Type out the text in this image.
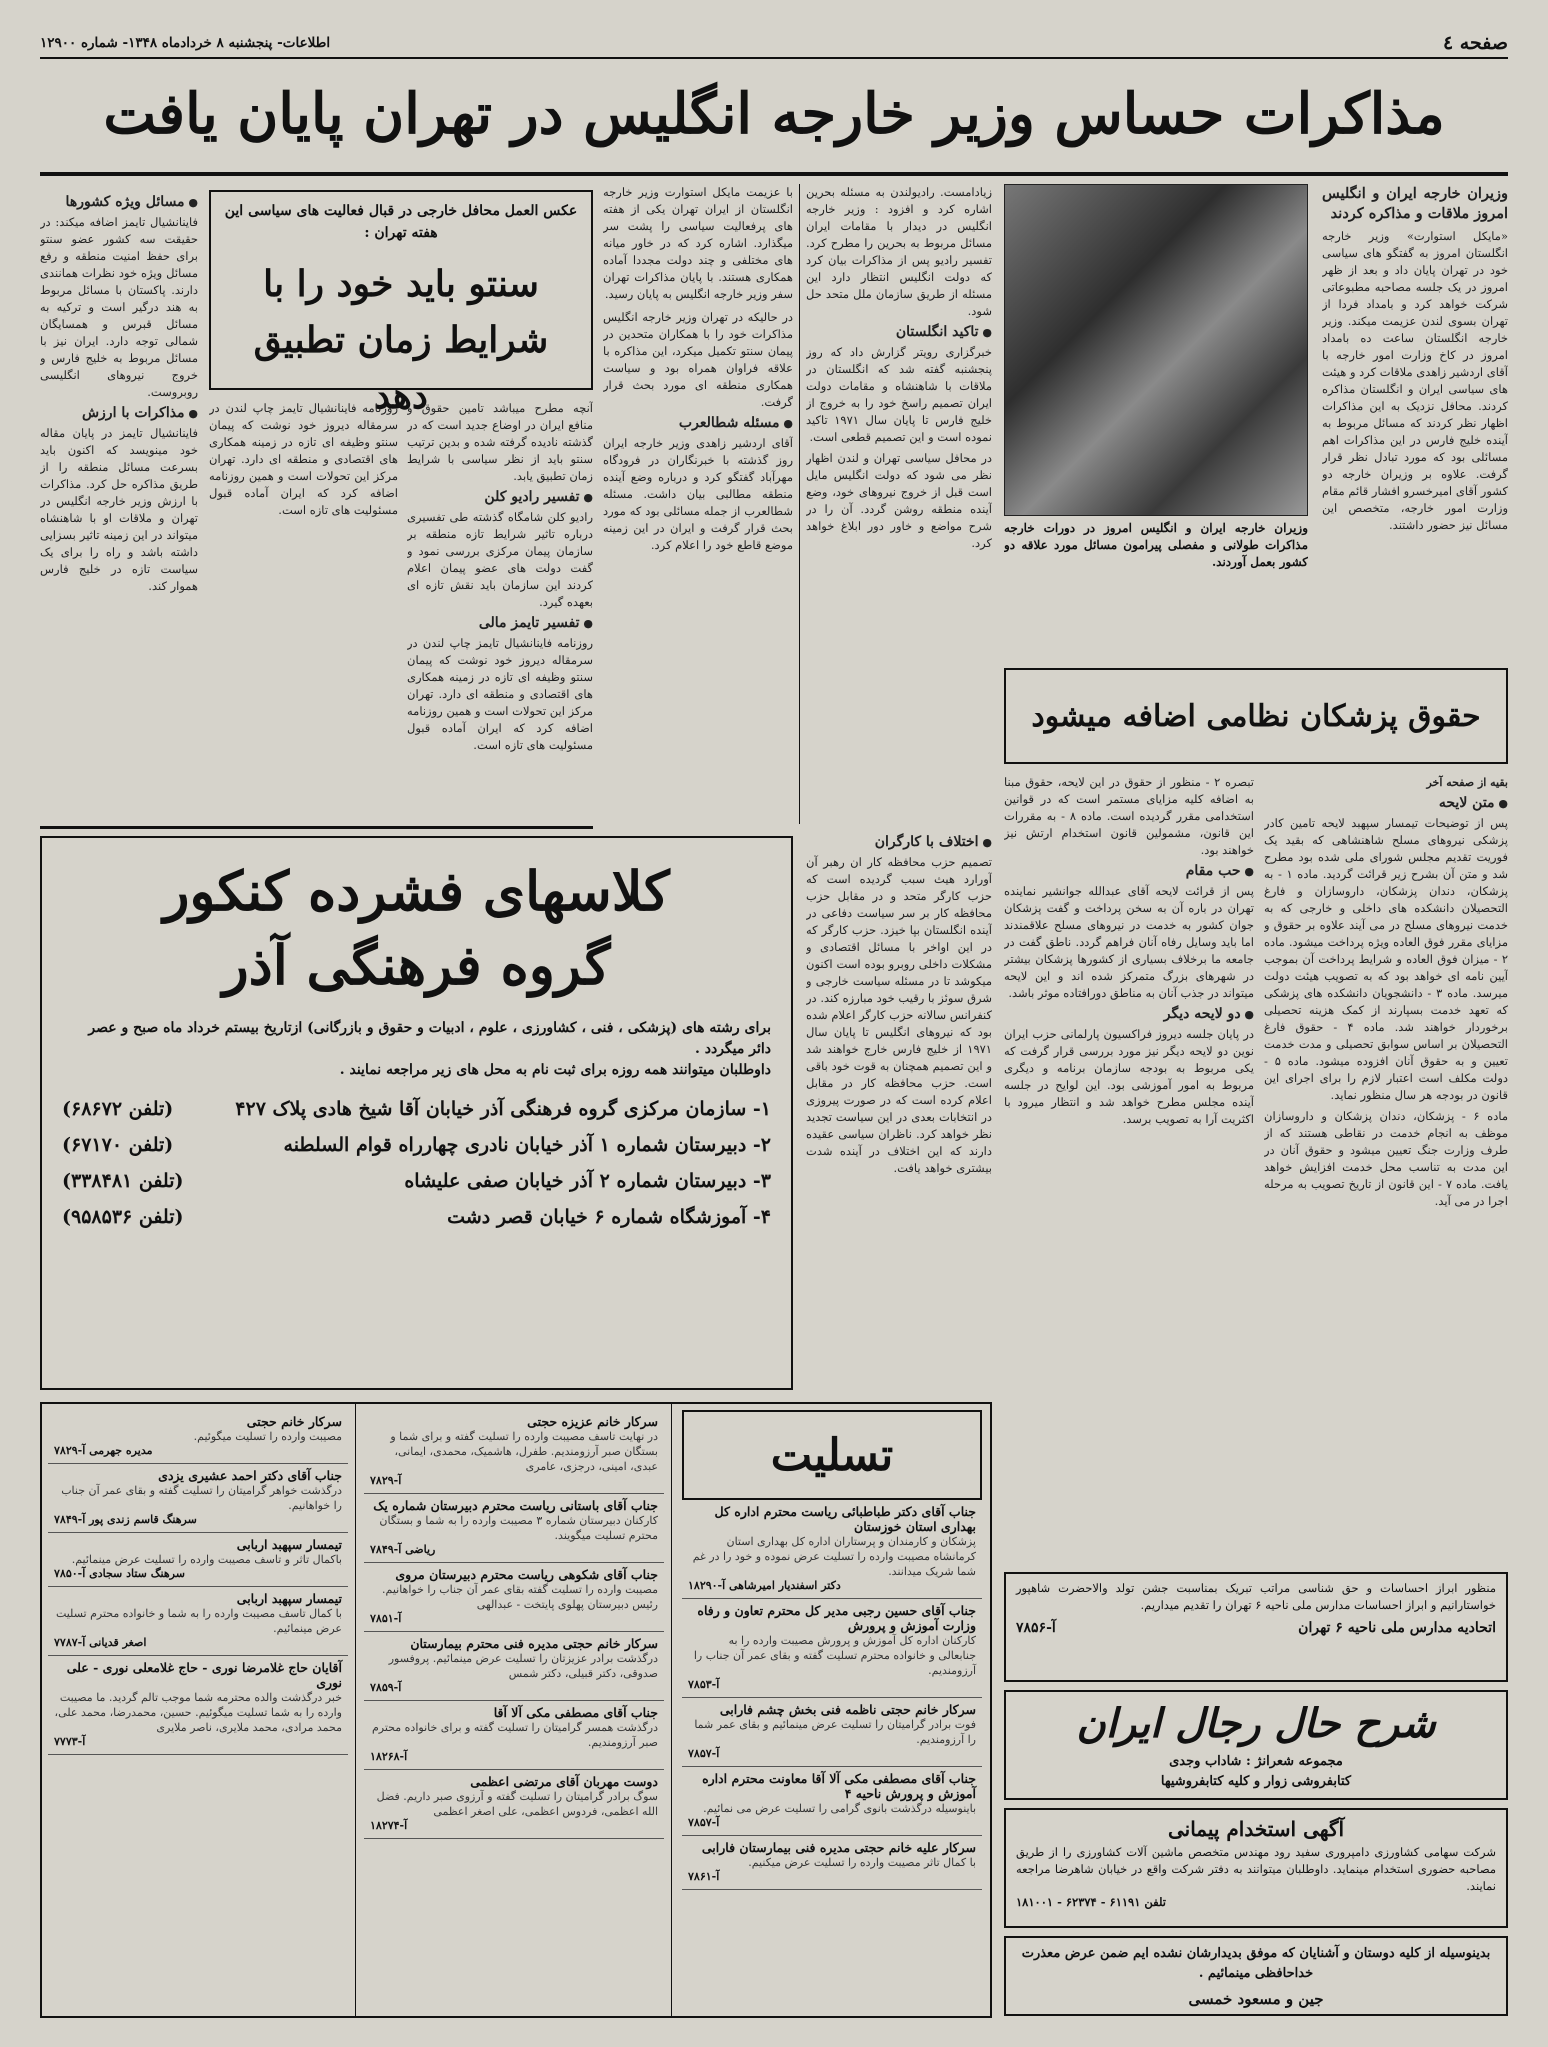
صفحه ٤
اطلاعات- پنجشنبه ۸ خردادماه ۱۳۴۸- شماره ۱۲۹۰۰
مذاکرات حساس وزیر خارجه انگلیس در تهران پایان یافت
وزیران خارجه ایران و انگلیس امروز ملاقات و مذاکره کردند
«مایکل استوارت» وزیر خارجه انگلستان امروز به گفتگو های سیاسی خود در تهران پایان داد و بعد از ظهر امروز در یک جلسه مصاحبه مطبوعاتی شرکت خواهد کرد و بامداد فردا از تهران بسوی لندن عزیمت میکند. وزیر خارجه انگلستان ساعت ده بامداد امروز در کاخ وزارت امور خارجه با آقای اردشیر زاهدی ملاقات کرد و هیئت های سیاسی ایران و انگلستان مذاکره کردند. محافل نزدیک به این مذاکرات اظهار نظر کردند که مسائل مربوط به آینده خلیج فارس در این مذاکرات اهم مسائلی بود که مورد تبادل نظر قرار گرفت. علاوه بر وزیران خارجه دو کشور آقای امیرخسرو افشار قائم مقام وزارت امور خارجه، متخصص این مسائل نیز حضور داشتند.
وزیران خارجه ایران و انگلیس امروز در دورات خارجه مذاکرات طولانی و مفصلی پیرامون مسائل مورد علاقه دو کشور بعمل آوردند.
زیادامست. رادیولندن به مسئله بحرین اشاره کرد و افزود : وزیر خارجه انگلیس در دیدار با مقامات ایران مسائل مربوط به بحرین را مطرح کرد. تفسیر رادیو پس از مذاکرات بیان کرد که دولت انگلیس انتظار دارد این مسئله از طریق سازمان ملل متحد حل شود.
● تاکید انگلستان
خبرگزاری رویتر گزارش داد که روز پنجشنبه گفته شد که انگلستان در ملاقات با شاهنشاه و مقامات دولت ایران تصمیم راسخ خود را به خروج از خلیج فارس تا پایان سال ۱۹۷۱ تاکید نموده است و این تصمیم قطعی است.
در محافل سیاسی تهران و لندن اظهار نظر می شود که دولت انگلیس مایل است قبل از خروج نیروهای خود، وضع آینده منطقه روشن گردد. آن را در شرح مواضع و خاور دور ابلاغ خواهد کرد.
با عزیمت مایکل استوارت وزیر خارجه انگلستان از ایران تهران یکی از هفته های پرفعالیت سیاسی را پشت سر میگذارد. اشاره کرد که در خاور میانه های مختلفی و چند دولت مجددا آماده همکاری هستند. با پایان مذاکرات تهران سفر وزیر خارجه انگلیس به پایان رسید.
در حالیکه در تهران وزیر خارجه انگلیس مذاکرات خود را با همکاران متحدین در پیمان سنتو تکمیل میکرد، این مذاکره با علاقه فراوان همراه بود و سیاست همکاری منطقه ای مورد بحث قرار گرفت.
● مسئله شطالعرب
آقای اردشیر زاهدی وزیر خارجه ایران روز گذشته با خبرنگاران در فرودگاه مهرآباد گفتگو کرد و درباره وضع آینده منطقه مطالبی بیان داشت. مسئله شطالعرب از جمله مسائلی بود که مورد بحث قرار گرفت و ایران در این زمینه موضع قاطع خود را اعلام کرد.
عکس العمل محافل خارجی در قبال فعالیت های سیاسی این هفته تهران :
سنتو باید خود را با شرایط زمان تطبیق دهد
آنچه مطرح میباشد تامین حقوق و منافع ایران در اوضاع جدید است که در گذشته نادیده گرفته شده و بدین ترتیب سنتو باید از نظر سیاسی با شرایط زمان تطبیق یابد.
● تفسیر رادیو کلن
رادیو کلن شامگاه گذشته طی تفسیری درباره تاثیر شرایط تازه منطقه بر سازمان پیمان مرکزی بررسی نمود و گفت دولت های عضو پیمان اعلام کردند این سازمان باید نقش تازه ای بعهده گیرد.
● تفسیر تایمز مالی
روزنامه فاینانشیال تایمز چاپ لندن در سرمقاله دیروز خود نوشت که پیمان سنتو وظیفه ای تازه در زمینه همکاری های اقتصادی و منطقه ای دارد. تهران مرکز این تحولات است و همین روزنامه اضافه کرد که ایران آماده قبول مسئولیت های تازه است.
روزنامه فاینانشیال تایمز چاپ لندن در سرمقاله دیروز خود نوشت که پیمان سنتو وظیفه ای تازه در زمینه همکاری های اقتصادی و منطقه ای دارد. تهران مرکز این تحولات است و همین روزنامه اضافه کرد که ایران آماده قبول مسئولیت های تازه است.
● مسائل ویژه کشورها
فاینانشیال تایمز اضافه میکند: در حقیقت سه کشور عضو سنتو برای حفظ امنیت منطقه و رفع مسائل ویژه خود نظرات همانندی دارند. پاکستان با مسائل مربوط به هند درگیر است و ترکیه به مسائل قبرس و همسایگان شمالی توجه دارد. ایران نیز با مسائل مربوط به خلیج فارس و خروج نیروهای انگلیسی روبروست.
● مذاکرات با ارزش
فاینانشیال تایمز در پایان مقاله خود مینویسد که اکنون باید بسرعت مسائل منطقه را از طریق مذاکره حل کرد. مذاکرات با ارزش وزیر خارجه انگلیس در تهران و ملاقات او با شاهنشاه میتواند در این زمینه تاثیر بسزایی داشته باشد و راه را برای یک سیاست تازه در خلیج فارس هموار کند.
حقوق پزشکان نظامی اضافه میشود
بقیه از صفحه آخر
● متن لایحه
پس از توضیحات تیمسار سپهبد لایحه تامین کادر پزشکی نیروهای مسلح شاهنشاهی که بقید یک فوریت تقدیم مجلس شورای ملی شده بود مطرح شد و متن آن بشرح زیر قرائت گردید. ماده ۱ - به پزشکان، دندان پزشکان، داروسازان و فارغ التحصیلان دانشکده های داخلی و خارجی که به خدمت نیروهای مسلح در می آیند علاوه بر حقوق و مزایای مقرر فوق العاده ویژه پرداخت میشود. ماده ۲ - میزان فوق العاده و شرایط پرداخت آن بموجب آیین نامه ای خواهد بود که به تصویب هیئت دولت میرسد. ماده ۳ - دانشجویان دانشکده های پزشکی که تعهد خدمت بسپارند از کمک هزینه تحصیلی برخوردار خواهند شد. ماده ۴ - حقوق فارغ التحصیلان بر اساس سوابق تحصیلی و مدت خدمت تعیین و به حقوق آنان افزوده میشود. ماده ۵ - دولت مکلف است اعتبار لازم را برای اجرای این قانون در بودجه هر سال منظور نماید.
ماده ۶ - پزشکان، دندان پزشکان و داروسازان موظف به انجام خدمت در نقاطی هستند که از طرف وزارت جنگ تعیین میشود و حقوق آنان در این مدت به تناسب محل خدمت افزایش خواهد یافت. ماده ۷ - این قانون از تاریخ تصویب به مرحله اجرا در می آید.
تبصره ۲ - منظور از حقوق در این لایحه، حقوق مبنا به اضافه کلیه مزایای مستمر است که در قوانین استخدامی مقرر گردیده است. ماده ۸ - به مقررات این قانون، مشمولین قانون استخدام ارتش نیز خواهند بود.
● حب مقام
پس از قرائت لایحه آقای عبدالله جوانشیر نماینده تهران در باره آن به سخن پرداخت و گفت پزشکان جوان کشور به خدمت در نیروهای مسلح علاقمندند اما باید وسایل رفاه آنان فراهم گردد. ناطق گفت در جامعه ما برخلاف بسیاری از کشورها پزشکان بیشتر در شهرهای بزرگ متمرکز شده اند و این لایحه میتواند در جذب آنان به مناطق دورافتاده موثر باشد.
● دو لایحه دیگر
در پایان جلسه دیروز فراکسیون پارلمانی حزب ایران نوین دو لایحه دیگر نیز مورد بررسی قرار گرفت که یکی مربوط به بودجه سازمان برنامه و دیگری مربوط به امور آموزشی بود. این لوایح در جلسه آینده مجلس مطرح خواهد شد و انتظار میرود با اکثریت آرا به تصویب برسد.
● اختلاف با کارگران
تصمیم حزب محافظه کار ان رهبر آن آورارد هیث سبب گردیده است که حزب کارگر متحد و در مقابل حزب محافظه کار بر سر سیاست دفاعی در آینده انگلستان بپا خیزد. حزب کارگر که در این اواخر با مسائل اقتصادی و مشکلات داخلی روبرو بوده است اکنون میکوشد تا در مسئله سیاست خارجی و شرق سوئز با رقیب خود مبارزه کند. در کنفرانس سالانه حزب کارگر اعلام شده بود که نیروهای انگلیس تا پایان سال ۱۹۷۱ از خلیج فارس خارج خواهند شد و این تصمیم همچنان به قوت خود باقی است. حزب محافظه کار در مقابل اعلام کرده است که در صورت پیروزی در انتخابات بعدی در این سیاست تجدید نظر خواهد کرد. ناظران سیاسی عقیده دارند که این اختلاف در آینده شدت بیشتری خواهد یافت.
کلاسهای فشرده کنکور
گروه فرهنگی آذر
برای رشته های (پزشکی ، فنی ، کشاورزی ، علوم ، ادبیات و حقوق و بازرگانی) ازتاریخ بیستم خرداد ماه صبح و عصر دائر میگردد .
داوطلبان میتوانند همه روزه برای ثبت نام به محل های زیر مراجعه نمایند .
۱- سازمان مرکزی گروه فرهنگی آذر خیابان آقا شیخ هادی پلاک ۴۲۷
(تلفن ۶۸۶۷۲)
۲- دبیرستان شماره ۱ آذر خیابان نادری چهارراه قوام السلطنه
(تلفن ۶۷۱۷۰)
۳- دبیرستان شماره ۲ آذر خیابان صفی علیشاه
(تلفن ۳۳۸۴۸۱)
۴- آموزشگاه شماره ۶ خیابان قصر دشت
(تلفن ۹۵۸۵۳۶)
تسلیت
جناب آقای دکتر طباطبائی ریاست محترم اداره کل بهداری استان خوزستان
پزشکان و کارمندان و پرستاران اداره کل بهداری استان کرمانشاه مصیبت وارده را تسلیت عرض نموده و خود را در غم شما شریک میدانند.
دکتر اسفندیار امیرشاهی آ-۱۸۲۹۰
جناب آقای حسین رجبی مدیر کل محترم تعاون و رفاه وزارت آموزش و پرورش
کارکنان اداره کل آموزش و پرورش مصیبت وارده را به جنابعالی و خانواده محترم تسلیت گفته و بقای عمر آن جناب را آرزومندیم.
آ-۷۸۵۳
سرکار خانم حجتی ناظمه فنی بخش چشم فارابی
فوت برادر گرامیتان را تسلیت عرض مینمائیم و بقای عمر شما را آرزومندیم.
آ-۷۸۵۷
جناب آقای مصطفی مکی آلا آقا معاونت محترم اداره آموزش و پرورش ناحیه ۴
باینوسیله درگذشت بانوی گرامی را تسلیت عرض می نمائیم.
آ-۷۸۵۷
سرکار علیه خانم حجتی مدیره فنی بیمارستان فارابی
با کمال تاثر مصیبت وارده را تسلیت عرض میکنیم.
آ-۷۸۶۱
سرکار خانم عزیزه حجتی
در نهایت تاسف مصیبت وارده را تسلیت گفته و برای شما و بستگان صبر آرزومندیم. طفرل، هاشمیک، محمدی، ایمانی، عبدی، امینی، درجزی، عامری
آ-۷۸۲۹
جناب آقای باستانی ریاست محترم دبیرستان شماره یک
کارکنان دبیرستان شماره ۳ مصیبت وارده را به شما و بستگان محترم تسلیت میگویند.
ریاضی آ-۷۸۴۹
جناب آقای شکوهی ریاست محترم دبیرستان مروی
مصیبت وارده را تسلیت گفته بقای عمر آن جناب را خواهانیم. رئیس دبیرستان پهلوی پایتخت - عبدالهی
آ-۷۸۵۱
سرکار خانم حجتی مدیره فنی محترم بیمارستان
درگذشت برادر عزیزتان را تسلیت عرض مینمائیم. پروفسور صدوقی، دکتر قبیلی، دکتر شمس
آ-۷۸۵۹
جناب آقای مصطفی مکی آلا آقا
درگذشت همسر گرامیتان را تسلیت گفته و برای خانواده محترم صبر آرزومندیم.
آ-۱۸۲۶۸
دوست مهربان آقای مرتضی اعظمی
سوگ برادر گرامیتان را تسلیت گفته و آرزوی صبر داریم. فضل الله اعظمی، فردوس اعظمی، علی اصغر اعظمی
آ-۱۸۲۷۴
سرکار خانم حجتی
مصیبت وارده را تسلیت میگوئیم.
مدیره جهرمی آ-۷۸۲۹
جناب آقای دکتر احمد عشیری یزدی
درگذشت خواهر گرامیتان را تسلیت گفته و بقای عمر آن جناب را خواهانیم.
سرهنگ قاسم زندی پور آ-۷۸۴۹
تیمسار سپهبد اربابی
باکمال تاثر و تاسف مصیبت وارده را تسلیت عرض مینمائیم.
سرهنگ ستاد سجادی آ-۷۸۵۰
تیمسار سپهبد اربابی
با کمال تاسف مصیبت وارده را به شما و خانواده محترم تسلیت عرض مینمائیم.
اصغر قدیانی آ-۷۷۸۷
آقایان حاج غلامرضا نوری - حاج غلامعلی نوری - علی نوری
خبر درگذشت والده محترمه شما موجب تالم گردید. ما مصیبت وارده را به شما تسلیت میگوئیم. حسین، محمدرضا، محمد علی، محمد مرادی، محمد ملایری، ناصر ملایری
آ-۷۷۷۳
منظور ابراز احساسات و حق شناسی مراتب تبریک بمناسبت جشن تولد والاحضرت شاهپور خواستارانیم و ابراز احساسات مدارس ملی ناحیه ۶ تهران را تقدیم میداریم.
اتحادیه مدارس ملی ناحیه ۶ تهران
آ-۷۸۵۶
شرح حال رجال ایران
مجموعه شعرانژ : شاداب وجدی
کتابفروشی زوار و کلیه کتابفروشیها
آگهی استخدام پیمانی
شرکت سهامی کشاورزی دامپروری سفید رود مهندس متخصص ماشین آلات کشاورزی را از طریق مصاحبه حضوری استخدام مینماید. داوطلبان میتوانند به دفتر شرکت واقع در خیابان شاهرضا مراجعه نمایند.
تلفن ۶۱۱۹۱ - ۶۲۳۷۴ - ۱۸۱۰۰۱
بدینوسیله از کلیه دوستان و آشنایان که موفق بدیدارشان نشده ایم ضمن عرض معذرت خداحافظی مینمائیم .
جین و مسعود خمسی
